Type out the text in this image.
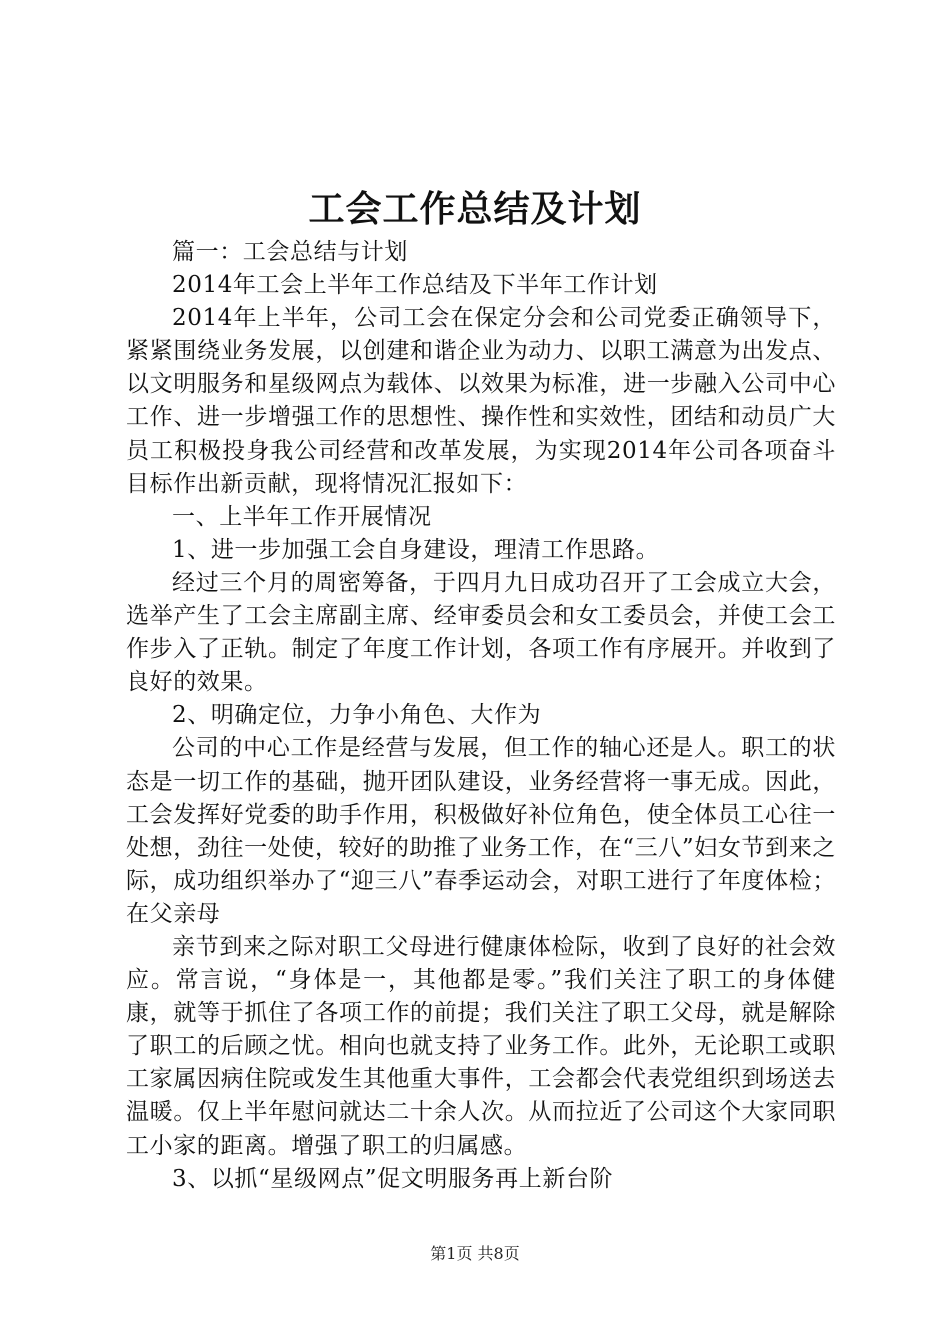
工会工作总结及计划

篇一：工会总结与计划

2014年工会上半年工作总结及下半年工作计划

2014年上半年，公司工会在保定分会和公司党委正确领导下，紧紧围绕业务发展，以创建和谐企业为动力、以职工满意为出发点、以文明服务和星级网点为载体、以效果为标准，进一步融入公司中心工作、进一步增强工作的思想性、操作性和实效性，团结和动员广大员工积极投身我公司经营和改革发展，为实现2014年公司各项奋斗目标作出新贡献，现将情况汇报如下：

一、上半年工作开展情况

1、进一步加强工会自身建设，理清工作思路。

经过三个月的周密筹备，于四月九日成功召开了工会成立大会，选举产生了工会主席副主席、经审委员会和女工委员会，并使工会工作步入了正轨。制定了年度工作计划，各项工作有序展开。并收到了良好的效果。

2、明确定位，力争小角色、大作为

公司的中心工作是经营与发展，但工作的轴心还是人。职工的状态是一切工作的基础，抛开团队建设，业务经营将一事无成。因此，工会发挥好党委的助手作用，积极做好补位角色，使全体员工心往一处想，劲往一处使，较好的助推了业务工作，在“三八”妇女节到来之际，成功组织举办了“迎三八”春季运动会，对职工进行了年度体检；在父亲母

亲节到来之际对职工父母进行健康体检际，收到了良好的社会效应。常言说，“身体是一，其他都是零。”我们关注了职工的身体健康，就等于抓住了各项工作的前提；我们关注了职工父母，就是解除了职工的后顾之忧。相向也就支持了业务工作。此外，无论职工或职工家属因病住院或发生其他重大事件，工会都会代表党组织到场送去温暖。仅上半年慰问就达二十余人次。从而拉近了公司这个大家同职工小家的距离。增强了职工的归属感。

3、以抓“星级网点”促文明服务再上新台阶

第1页 共8页
